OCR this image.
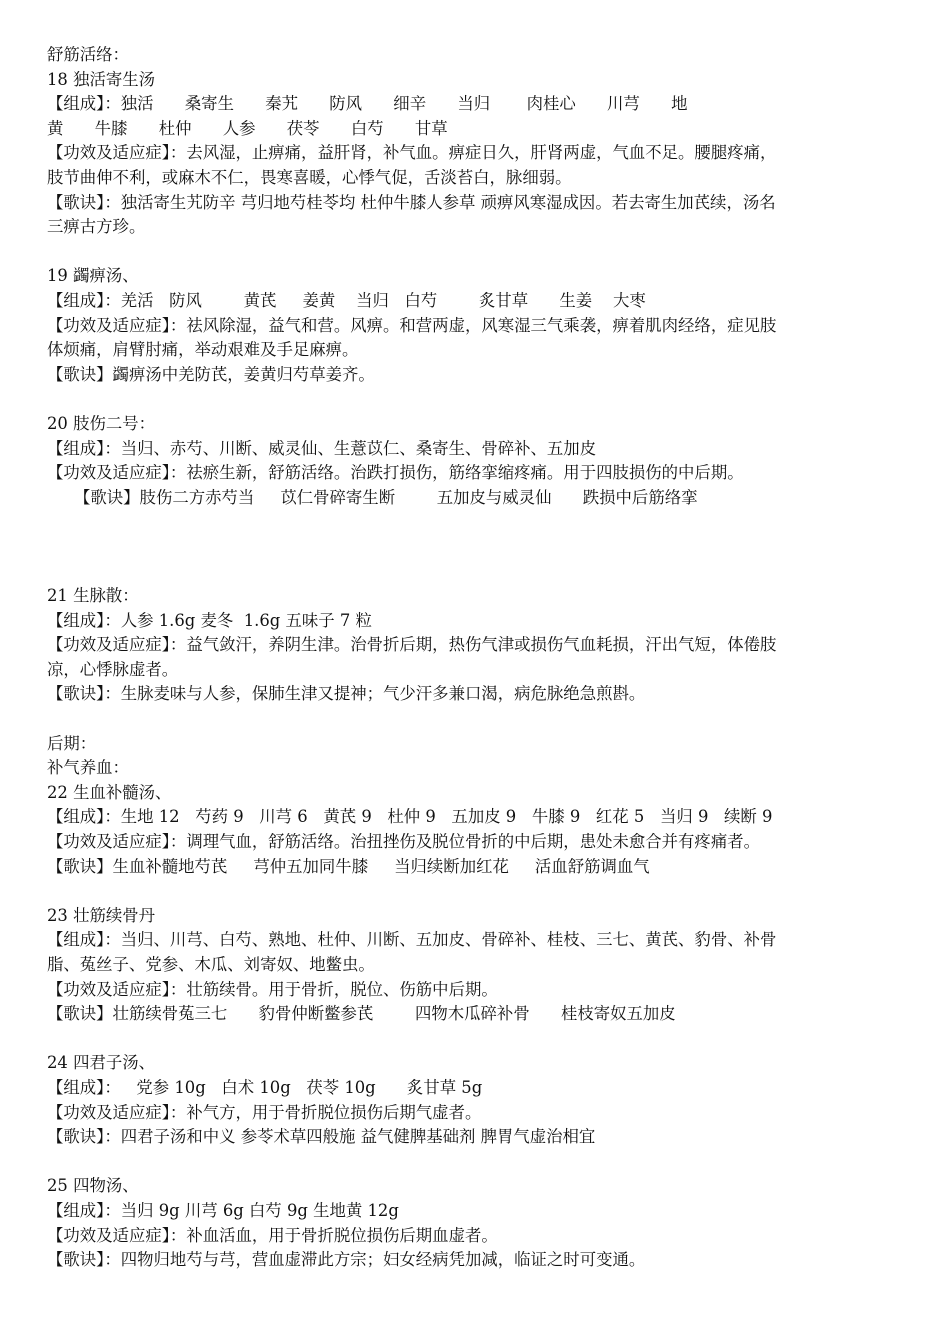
舒筋活络：
18 独活寄生汤
【组成】：独活      桑寄生      秦艽      防风      细辛      当归       肉桂心      川芎      地
黄      牛膝      杜仲      人参      茯苓      白芍      甘草
【功效及适应症】：去风湿，止痹痛，益肝肾，补气血。痹症日久，肝肾两虚，气血不足。腰腿疼痛，
肢节曲伸不利，或麻木不仁，畏寒喜暖，心悸气促，舌淡苔白，脉细弱。
【歌诀】：独活寄生艽防辛 芎归地芍桂苓均 杜仲牛膝人参草 顽痹风寒湿成因。若去寄生加芪续，汤名
三痹古方珍。
19 蠲痹汤、
【组成】：羌活   防风        黄芪     姜黄    当归   白芍        炙甘草      生姜    大枣
【功效及适应症】：祛风除湿，益气和营。风痹。和营两虚，风寒湿三气乘袭，痹着肌肉经络，症见肢
体烦痛，肩臂肘痛，举动艰难及手足麻痹。
【歌诀】蠲痹汤中羌防芪，姜黄归芍草姜齐。
20 肢伤二号：
【组成】：当归、赤芍、川断、威灵仙、生薏苡仁、桑寄生、骨碎补、五加皮
【功效及适应症】：祛瘀生新，舒筋活络。治跌打损伤，筋络挛缩疼痛。用于四肢损伤的中后期。
【歌诀】肢伤二方赤芍当     苡仁骨碎寄生断        五加皮与威灵仙      跌损中后筋络挛
21 生脉散：
【组成】：人参 1.6g 麦冬  1.6g 五味子 7 粒
【功效及适应症】：益气敛汗，养阴生津。治骨折后期，热伤气津或损伤气血耗损，汗出气短，体倦肢
凉，心悸脉虚者。
【歌诀】：生脉麦味与人参，保肺生津又提神；气少汗多兼口渴，病危脉绝急煎斟。
后期：
补气养血：
22 生血补髓汤、
【组成】：生地 12   芍药 9   川芎 6   黄芪 9   杜仲 9   五加皮 9   牛膝 9   红花 5   当归 9   续断 9
【功效及适应症】：调理气血，舒筋活络。治扭挫伤及脱位骨折的中后期，患处未愈合并有疼痛者。
【歌诀】生血补髓地芍芪     芎仲五加同牛膝     当归续断加红花     活血舒筋调血气
23 壮筋续骨丹
【组成】：当归、川芎、白芍、熟地、杜仲、川断、五加皮、骨碎补、桂枝、三七、黄芪、豹骨、补骨
脂、菟丝子、党参、木瓜、刘寄奴、地鳖虫。
【功效及适应症】：壮筋续骨。用于骨折，脱位、伤筋中后期。
【歌诀】壮筋续骨菟三七      豹骨仲断鳖参芪        四物木瓜碎补骨      桂枝寄奴五加皮
24 四君子汤、
【组成】：   党参 10g   白术 10g   茯苓 10g      炙甘草 5g
【功效及适应症】：补气方，用于骨折脱位损伤后期气虚者。
【歌诀】：四君子汤和中义 参苓术草四般施 益气健脾基础剂 脾胃气虚治相宜
25 四物汤、
【组成】：当归 9g 川芎 6g 白芍 9g 生地黄 12g
【功效及适应症】：补血活血，用于骨折脱位损伤后期血虚者。
【歌诀】：四物归地芍与芎，营血虚滞此方宗；妇女经病凭加减，临证之时可变通。
